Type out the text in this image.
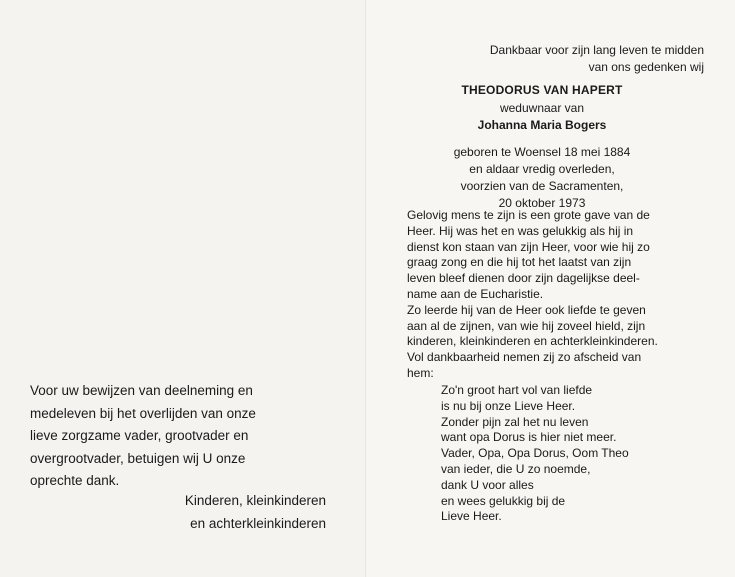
Voor uw bewijzen van deelneming en
medeleven bij het overlijden van onze
lieve zorgzame vader, grootvader en
overgrootvader, betuigen wij U onze
oprechte dank.
Kinderen, kleinkinderen
en achterkleinkinderen
Dankbaar voor zijn lang leven te midden
van ons gedenken wij
THEODORUS VAN HAPERT
weduwnaar van
Johanna Maria Bogers
geboren te Woensel 18 mei 1884
en aldaar vredig overleden,
voorzien van de Sacramenten,
20 oktober 1973
Gelovig mens te zijn is een grote gave van de
Heer. Hij was het en was gelukkig als hij in
dienst kon staan van zijn Heer, voor wie hij zo
graag zong en die hij tot het laatst van zijn
leven bleef dienen door zijn dagelijkse deel-
name aan de Eucharistie.
Zo leerde hij van de Heer ook liefde te geven
aan al de zijnen, van wie hij zoveel hield, zijn
kinderen, kleinkinderen en achterkleinkinderen.
Vol dankbaarheid nemen zij zo afscheid van
hem:
Zo'n groot hart vol van liefde
is nu bij onze Lieve Heer.
Zonder pijn zal het nu leven
want opa Dorus is hier niet meer.
Vader, Opa, Opa Dorus, Oom Theo
van ieder, die U zo noemde,
dank U voor alles
en wees gelukkig bij de
Lieve Heer.
